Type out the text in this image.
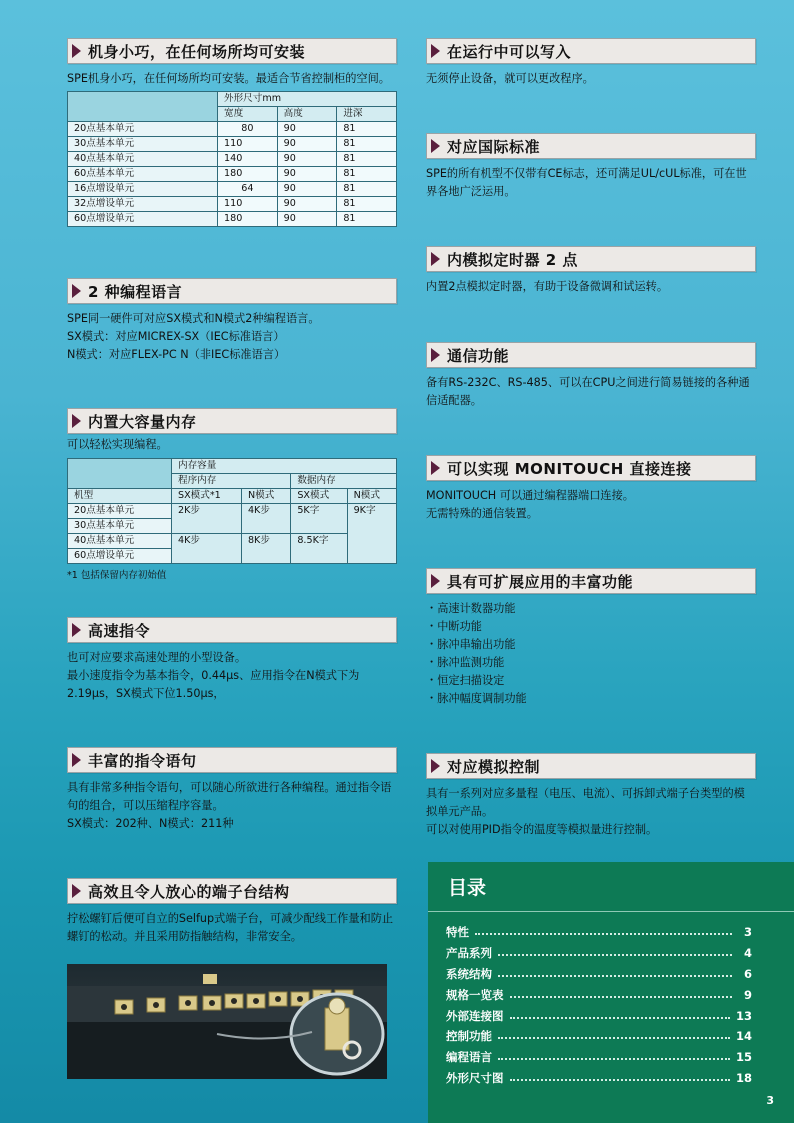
机身小巧，在任何场所均可安装

SPE机身小巧，在任何场所均可安装。最适合节省控制柜的空间。

	外形尺寸mm		
	宽度	高度	进深
20点基本单元	80	90	81
30点基本单元	110	90	81
40点基本单元	140	90	81
60点基本单元	180	90	81
16点增设单元	64	90	81
32点增设单元	110	90	81
60点增设单元	180	90	81
2 种编程语言

SPE同一硬件可对应SX模式和N模式2种编程语言。

SX模式：对应MICREX-SX（IEC标准语言）

N模式：对应FLEX-PC N（非IEC标准语言）

内置大容量内存

可以轻松实现编程。

	内存容量			
	程序内存		数据内存	
机型	SX模式*1	N模式	SX模式	N模式
20点基本单元	2K步	4K步	5K字	9K字
30点基本单元				
40点基本单元	4K步	8K步	8.5K字	
60点增设单元				
*1 包括保留内存初始值
高速指令

也可对应要求高速处理的小型设备。

最小速度指令为基本指令，0.44μs、应用指令在N模式下为2.19μs，SX模式下位1.50μs，

丰富的指令语句

具有非常多种指令语句，可以随心所欲进行各种编程。通过指令语句的组合，可以压缩程序容量。

SX模式：202种、N模式：211种

高效且令人放心的端子台结构

拧松螺钉后便可自立的Selfup式端子台，可减少配线工作量和防止螺钉的松动。并且采用防指触结构，非常安全。

在运行中可以写入

无须停止设备，就可以更改程序。

对应国际标准

SPE的所有机型不仅带有CE标志，还可满足UL/cUL标准，可在世界各地广泛运用。

内模拟定时器 2 点

内置2点模拟定时器，有助于设备微调和试运转。

通信功能

备有RS-232C、RS-485、可以在CPU之间进行简易链接的各种通信适配器。

可以实现 MONITOUCH 直接连接

MONITOUCH 可以通过编程器端口连接。

无需特殊的通信装置。

具有可扩展应用的丰富功能

・高速计数器功能

・中断功能

・脉冲串输出功能

・脉冲监测功能

・恒定扫描设定

・脉冲幅度调制功能

对应模拟控制

具有一系列对应多量程（电压、电流）、可拆卸式端子台类型的模拟单元产品。

可以对使用PID指令的温度等模拟量进行控制。

目录
特性	3
产品系列	4
系统结构	6
规格一览表	9
外部连接图	13
控制功能	14
编程语言	15
外形尺寸图	18
3
